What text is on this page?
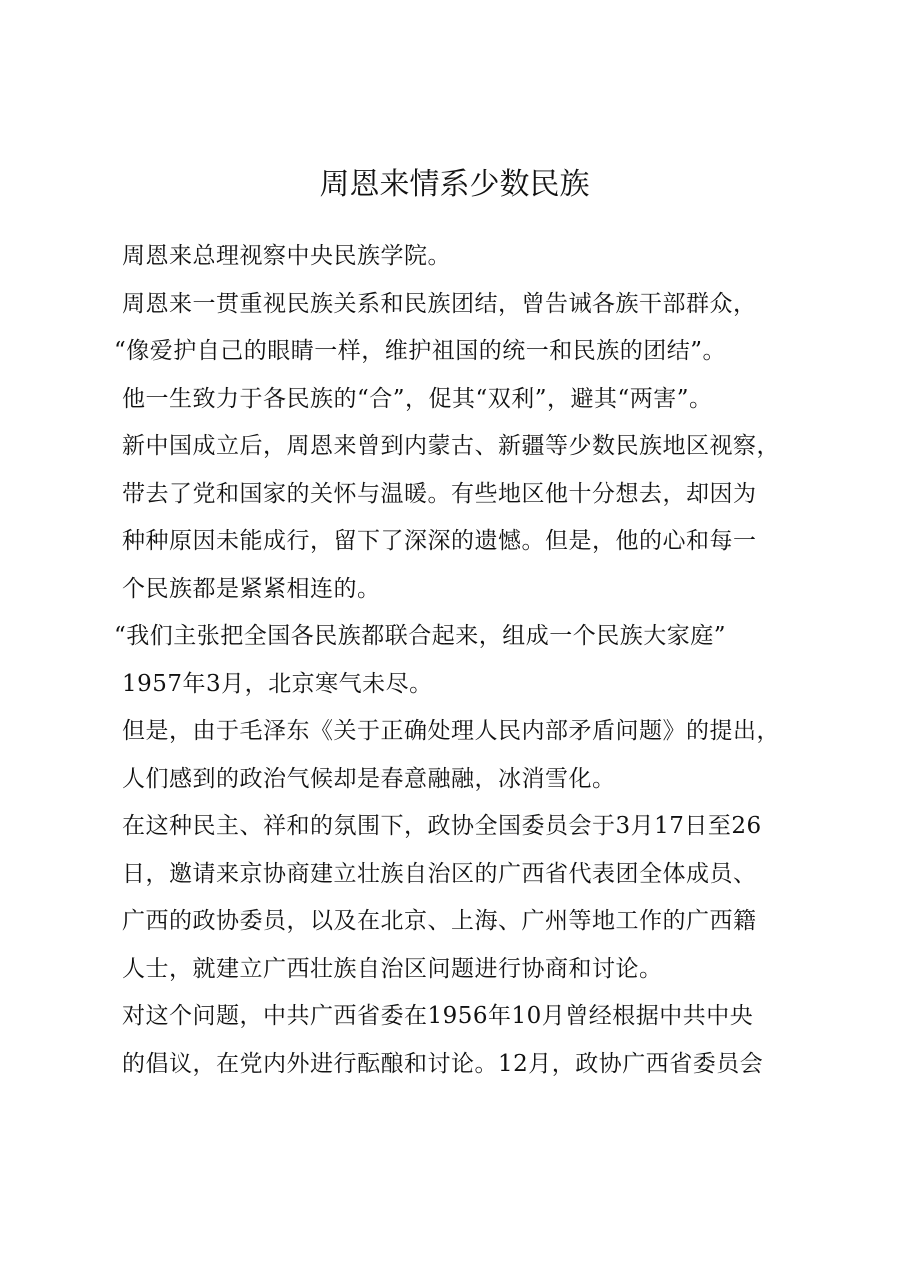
周恩来情系少数民族
周恩来总理视察中央民族学院。
周恩来一贯重视民族关系和民族团结，曾告诫各族干部群众，
“像爱护自己的眼睛一样，维护祖国的统一和民族的团结”。
他一生致力于各民族的“合”，促其“双利”，避其“两害”。
新中国成立后，周恩来曾到内蒙古、新疆等少数民族地区视察，
带去了党和国家的关怀与温暖。有些地区他十分想去，却因为
种种原因未能成行，留下了深深的遗憾。但是，他的心和每一
个民族都是紧紧相连的。
“我们主张把全国各民族都联合起来，组成一个民族大家庭”
1957年3月，北京寒气未尽。
但是，由于毛泽东《关于正确处理人民内部矛盾问题》的提出，
人们感到的政治气候却是春意融融，冰消雪化。
在这种民主、祥和的氛围下，政协全国委员会于3月17日至26
日，邀请来京协商建立壮族自治区的广西省代表团全体成员、
广西的政协委员，以及在北京、上海、广州等地工作的广西籍
人士，就建立广西壮族自治区问题进行协商和讨论。
对这个问题，中共广西省委在1956年10月曾经根据中共中央
的倡议，在党内外进行酝酿和讨论。12月，政协广西省委员会
